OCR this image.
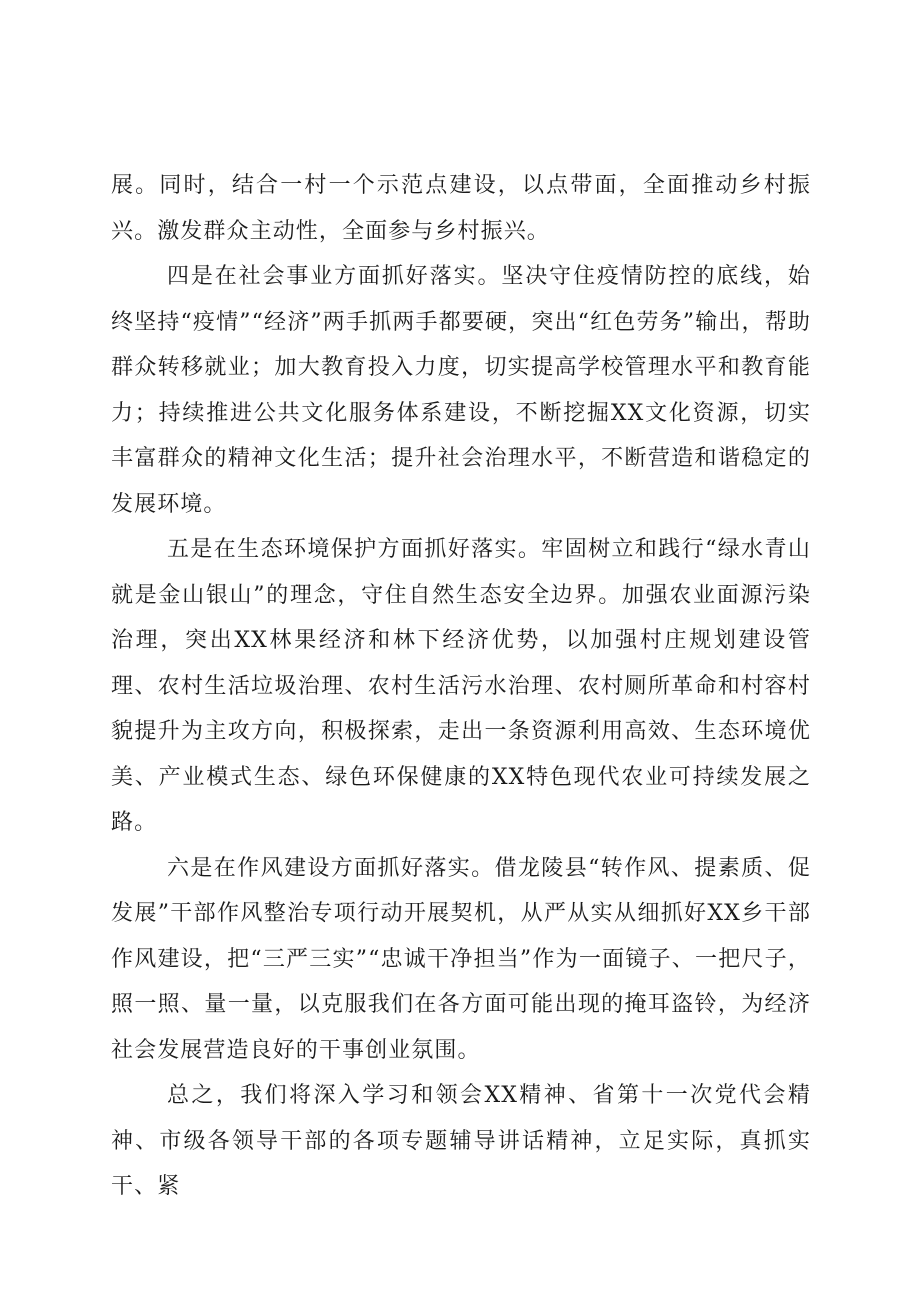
展。同时，结合一村一个示范点建设，以点带面，全面推动乡村振兴。激发群众主动性，全面参与乡村振兴。

四是在社会事业方面抓好落实。坚决守住疫情防控的底线，始终坚持“疫情”“经济”两手抓两手都要硬，突出“红色劳务”输出，帮助群众转移就业；加大教育投入力度，切实提高学校管理水平和教育能力；持续推进公共文化服务体系建设，不断挖掘XX文化资源，切实丰富群众的精神文化生活；提升社会治理水平，不断营造和谐稳定的发展环境。

五是在生态环境保护方面抓好落实。牢固树立和践行“绿水青山就是金山银山”的理念，守住自然生态安全边界。加强农业面源污染治理，突出XX林果经济和林下经济优势，以加强村庄规划建设管理、农村生活垃圾治理、农村生活污水治理、农村厕所革命和村容村貌提升为主攻方向，积极探索，走出一条资源利用高效、生态环境优美、产业模式生态、绿色环保健康的XX特色现代农业可持续发展之路。

六是在作风建设方面抓好落实。借龙陵县“转作风、提素质、促发展”干部作风整治专项行动开展契机，从严从实从细抓好XX乡干部作风建设，把“三严三实”“忠诚干净担当”作为一面镜子、一把尺子，照一照、量一量，以克服我们在各方面可能出现的掩耳盗铃，为经济社会发展营造良好的干事创业氛围。

总之，我们将深入学习和领会XX精神、省第十一次党代会精神、市级各领导干部的各项专题辅导讲话精神，立足实际，真抓实干、紧
